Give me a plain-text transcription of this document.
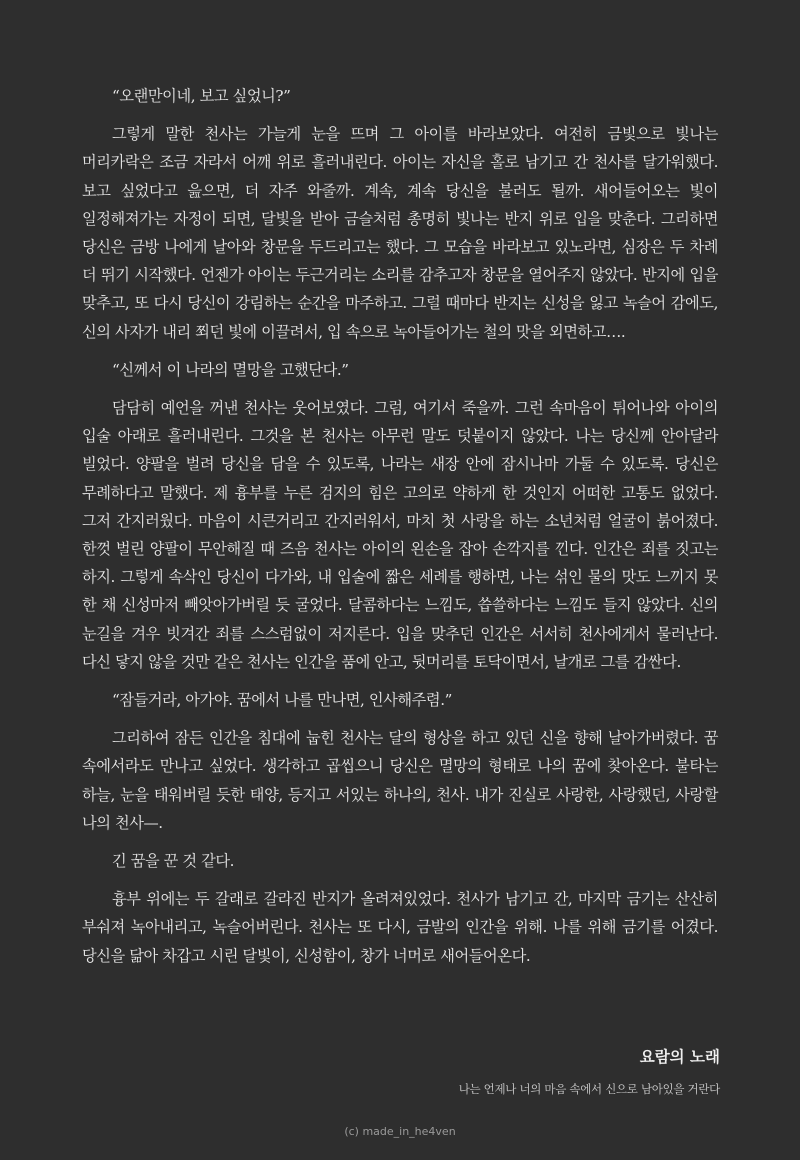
“오랜만이네, 보고 싶었니?”

그렇게 말한 천사는 가늘게 눈을 뜨며 그 아이를 바라보았다. 여전히 금빛으로 빛나는 머리카락은 조금 자라서 어깨 위로 흘러내린다. 아이는 자신을 홀로 남기고 간 천사를 달가워했다. 보고 싶었다고 읊으면, 더 자주 와줄까. 계속, 계속 당신을 불러도 될까. 새어들어오는 빛이 일정해져가는 자정이 되면, 달빛을 받아 금슬처럼 총명히 빛나는 반지 위로 입을 맞춘다. 그리하면 당신은 금방 나에게 날아와 창문을 두드리고는 했다. 그 모습을 바라보고 있노라면, 심장은 두 차례 더 뛰기 시작했다. 언젠가 아이는 두근거리는 소리를 감추고자 창문을 열어주지 않았다. 반지에 입을 맞추고, 또 다시 당신이 강림하는 순간을 마주하고. 그럴 때마다 반지는 신성을 잃고 녹슬어 감에도, 신의 사자가 내리 쬐던 빛에 이끌려서, 입 속으로 녹아들어가는 철의 맛을 외면하고….

“신께서 이 나라의 멸망을 고했단다.”

담담히 예언을 꺼낸 천사는 웃어보였다. 그럼, 여기서 죽을까. 그런 속마음이 튀어나와 아이의 입술 아래로 흘러내린다. 그것을 본 천사는 아무런 말도 덧붙이지 않았다. 나는 당신께 안아달라 빌었다. 양팔을 벌려 당신을 담을 수 있도록, 나라는 새장 안에 잠시나마 가둘 수 있도록. 당신은 무례하다고 말했다. 제 흉부를 누른 검지의 힘은 고의로 약하게 한 것인지 어떠한 고통도 없었다. 그저 간지러웠다. 마음이 시큰거리고 간지러워서, 마치 첫 사랑을 하는 소년처럼 얼굴이 붉어졌다. 한껏 벌린 양팔이 무안해질 때 즈음 천사는 아이의 왼손을 잡아 손깍지를 낀다. 인간은 죄를 짓고는 하지. 그렇게 속삭인 당신이 다가와, 내 입술에 짧은 세례를 행하면, 나는 섞인 물의 맛도 느끼지 못 한 채 신성마저 빼앗아가버릴 듯 굴었다. 달콤하다는 느낌도, 씁쓸하다는 느낌도 들지 않았다. 신의 눈길을 겨우 빗겨간 죄를 스스럼없이 저지른다. 입을 맞추던 인간은 서서히 천사에게서 물러난다. 다신 닿지 않을 것만 같은 천사는 인간을 품에 안고, 뒷머리를 토닥이면서, 날개로 그를 감싼다.

“잠들거라, 아가야. 꿈에서 나를 만나면, 인사해주렴.”

그리하여 잠든 인간을 침대에 눕힌 천사는 달의 형상을 하고 있던 신을 향해 날아가버렸다. 꿈 속에서라도 만나고 싶었다. 생각하고 곱씹으니 당신은 멸망의 형태로 나의 꿈에 찾아온다. 불타는 하늘, 눈을 태워버릴 듯한 태양, 등지고 서있는 하나의, 천사. 내가 진실로 사랑한, 사랑했던, 사랑할 나의 천사—.

긴 꿈을 꾼 것 같다.

흉부 위에는 두 갈래로 갈라진 반지가 올려져있었다. 천사가 남기고 간, 마지막 금기는 산산히 부숴져 녹아내리고, 녹슬어버린다. 천사는 또 다시, 금발의 인간을 위해. 나를 위해 금기를 어겼다. 당신을 닮아 차갑고 시린 달빛이, 신성함이, 창가 너머로 새어들어온다.

요람의 노래

나는 언제나 너의 마음 속에서 신으로 남아있을 거란다

(c) made_in_he4ven
